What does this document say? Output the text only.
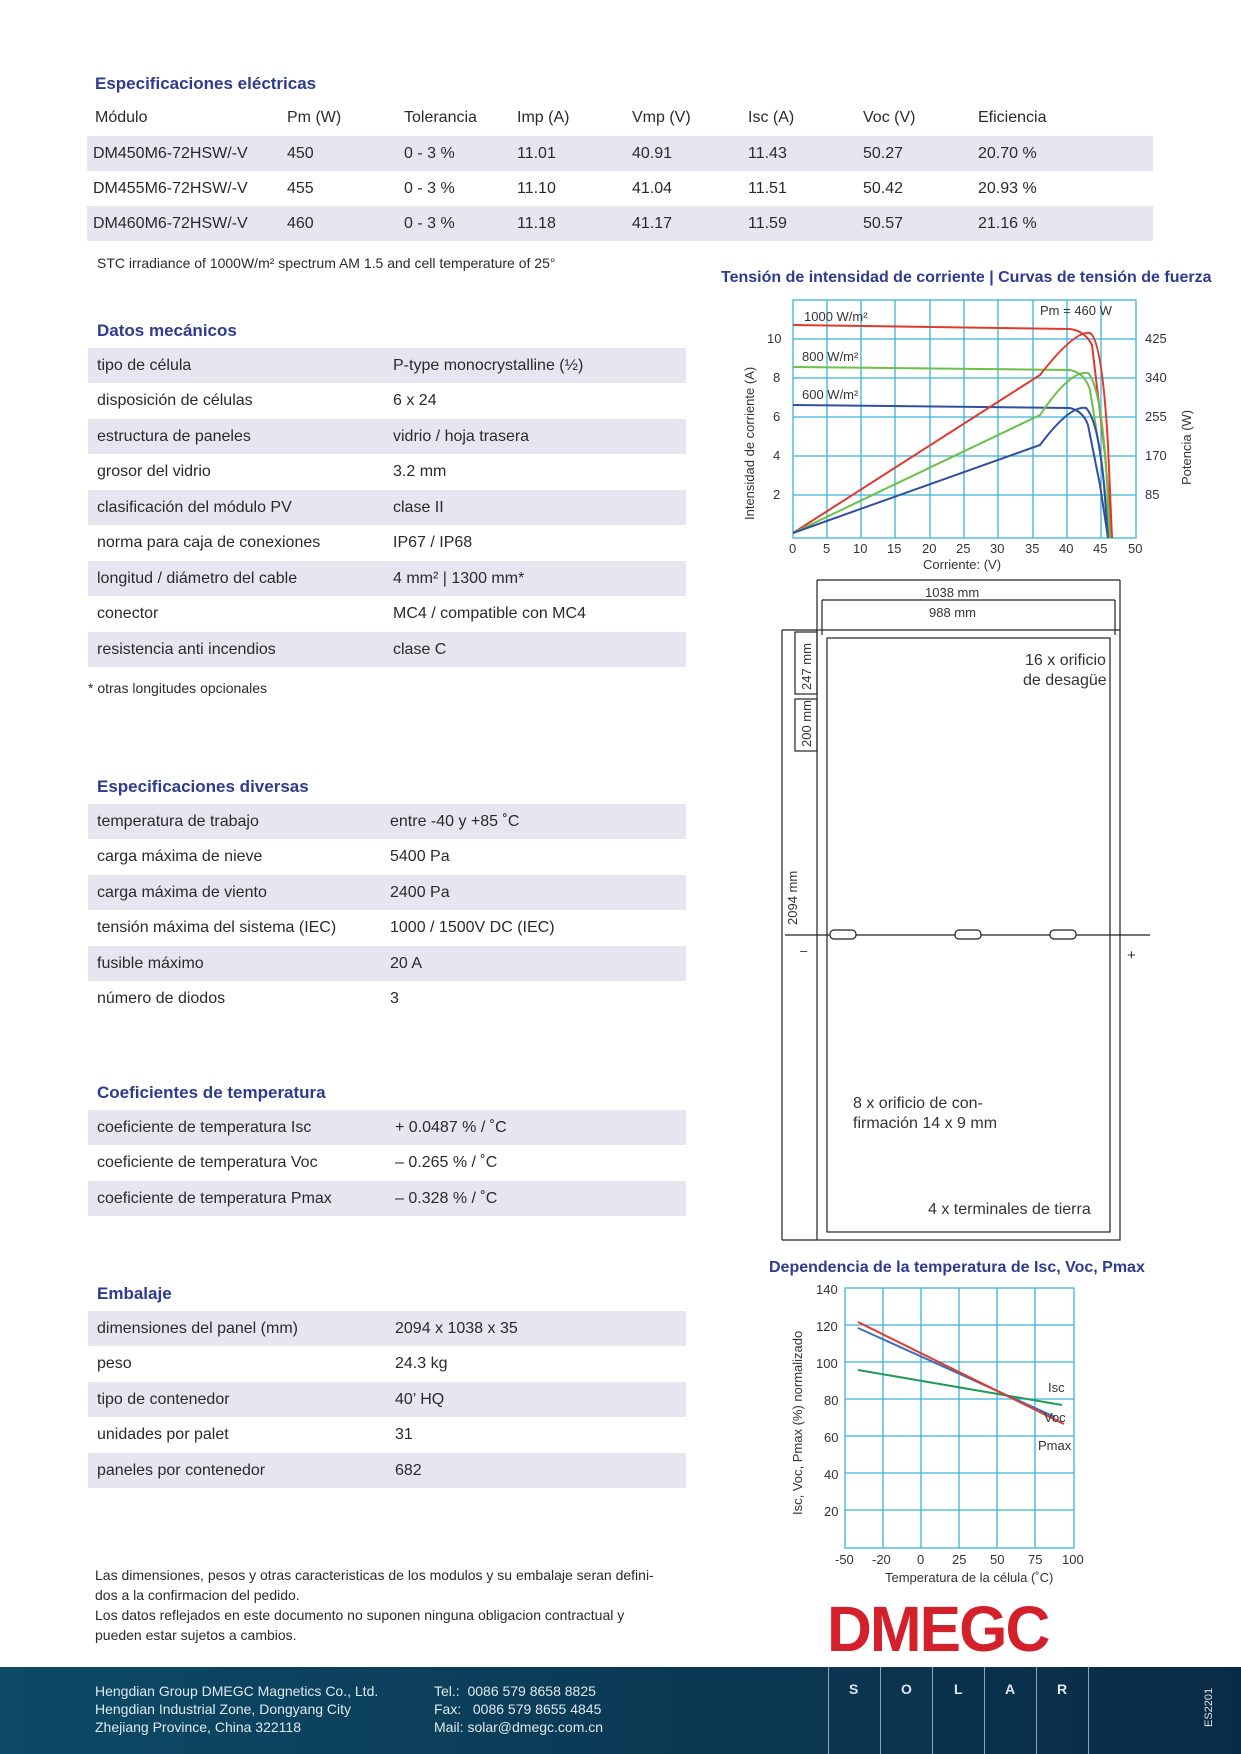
Especificaciones eléctricas
Módulo	Pm (W)	Tolerancia	Imp (A)	Vmp (V)	Isc (A)	Voc (V)	Eficiencia
DM450M6-72HSW/-V 450	0 - 3 %	11.01	40.91	11.43	50.27	20.70 %
DM455M6-72HSW/-V 455	0 - 3 %	11.10	41.04	11.51	50.42	20.93 %
DM460M6-72HSW/-V 460	0 - 3 %	11.18	41.17	11.59	50.57	21.16 %
STC irradiance of 1000W/m² spectrum AM 1.5 and cell temperature of 25°
Datos mecánicos
tipo de célula	P-type monocrystalline (½)
disposición de células	6 x 24
estructura de paneles	vidrio / hoja trasera
grosor del vidrio	3.2 mm
clasificación del módulo PV	clase II
norma para caja de conexiones	IP67 / IP68
longitud / diámetro del cable	4 mm² | 1300 mm*
conector	MC4 / compatible con MC4
resistencia anti incendios	clase C
* otras longitudes opcionales
Especificaciones diversas
temperatura de trabajo	entre -40 y +85 ˚C
carga máxima de nieve	5400 Pa
carga máxima de viento	2400 Pa
tensión máxima del sistema (IEC)	1000 / 1500V DC (IEC)
fusible máximo	20 A
número de diodos	3
Coeficientes de temperatura
coeficiente de temperatura Isc	+ 0.0487 % / ˚C
coeficiente de temperatura Voc	– 0.265 % / ˚C
coeficiente de temperatura Pmax	– 0.328 % / ˚C
Embalaje
dimensiones del panel (mm)	2094 x 1038 x 35
peso	24.3 kg
tipo de contenedor	40’ HQ
unidades por palet	31
paneles por contenedor	682
Las dimensiones, pesos y otras caracteristicas de los modulos y su embalaje seran defini-
dos a la confirmacion del pedido.
Los datos reflejados en este documento no suponen ninguna obligacion contractual y
pueden estar sujetos a cambios.
Tensión de intensidad de corriente | Curvas de tensión de fuerza
1000 W/m²
800 W/m²
600 W/m²
Pm = 460 W
2
4
6
8
10
85
170
255
340
425
0 5 10 15 20 25 30 35 40 45 50
Corriente: (V)
Intensidad de corriente (A)	Potencia (W)
1038 mm
988 mm
247 mm
200 mm
2094 mm
16 x orificio
de desagüe
8 x orificio de con-
firmación 14 x 9 mm
4 x terminales de tierra
–	+
Dependencia de la temperatura de Isc, Voc, Pmax
Isc
Voc
Pmax
20
40
60
80
100
120
140
-50 -20 0 25 50 75 100
Temperatura de la célula (˚C)
Isc, Voc, Pmax (%) normalizado
DMEGC
Hengdian Group DMEGC Magnetics Co., Ltd.
Hengdian Industrial Zone, Dongyang City
Zhejiang Province, China 322118
Tel.:  0086 579 8658 8825
Fax:   0086 579 8655 4845
Mail: solar@dmegc.com.cn
S	O	L	A	R	ES2201
